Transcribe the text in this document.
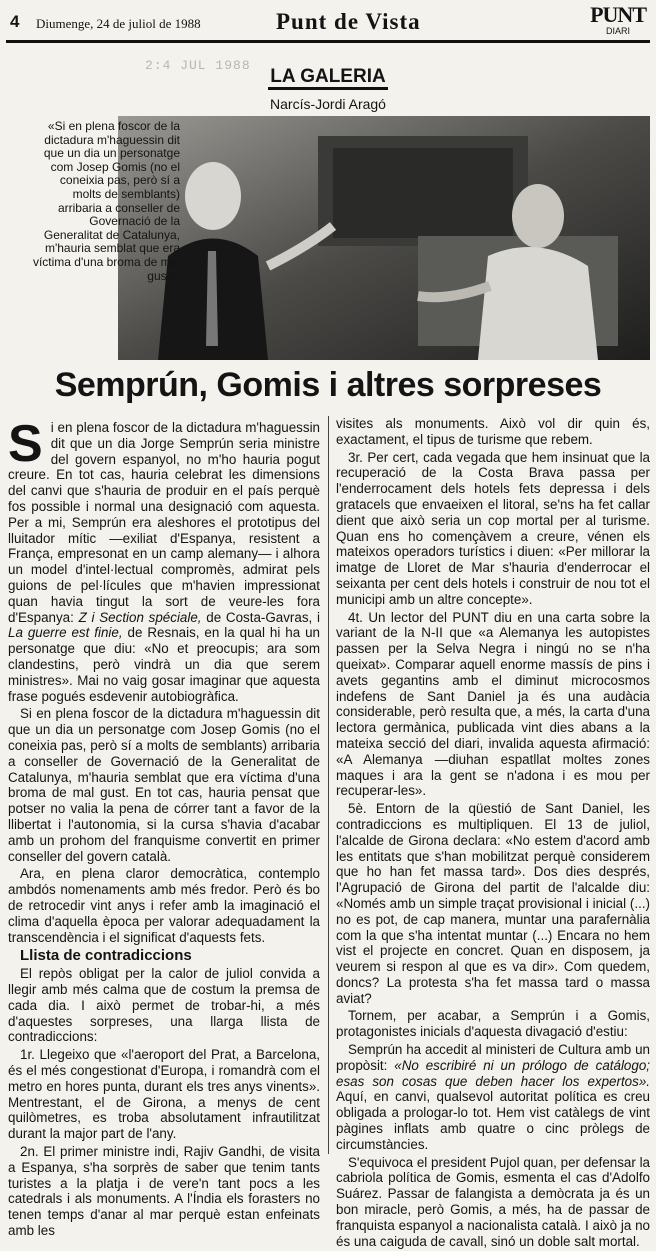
4 Diumenge, 24 de juliol de 1988	Punt de Vista	PUNT
DIARI
2:4 JUL 1988
LA GALERIA
Narcís-Jordi Aragó
«Si en plena foscor de la dictadura m'haguessin dit que un dia un personatge com Josep Gomis (no el coneixia pas, però sí a molts de semblants) arribaria a conseller de Governació de la Generalitat de Catalunya, m'hauria semblat que era víctima d'una broma de mal gust».
Semprún, Gomis i altres sorpreses

Si en plena foscor de la dictadura m'haguessin dit que un dia Jorge Semprún seria ministre del govern espanyol, no m'ho hauria pogut creure. En tot cas, hauria celebrat les dimensions del canvi que s'hauria de produir en el país perquè fos possible i normal una designació com aquesta. Per a mi, Semprún era aleshores el prototipus del lluitador mític —exiliat d'Espanya, resistent a França, empresonat en un camp alemany— i alhora un model d'intel·lectual compromès, admirat pels guions de pel·lícules que m'havien impressionat quan havia tingut la sort de veure-les fora d'Espanya: Z i Section spéciale, de Costa-Gavras, i La guerre est finie, de Resnais, en la qual hi ha un personatge que diu: «No et preocupis; ara som clandestins, però vindrà un dia que serem ministres». Mai no vaig gosar imaginar que aquesta frase pogués esdevenir autobiogràfica.

Si en plena foscor de la dictadura m'haguessin dit que un dia un personatge com Josep Gomis (no el coneixia pas, però sí a molts de semblants) arribaria a conseller de Governació de la Generalitat de Catalunya, m'hauria semblat que era víctima d'una broma de mal gust. En tot cas, hauria pensat que potser no valia la pena de córrer tant a favor de la llibertat i l'autonomia, si la cursa s'havia d'acabar amb un prohom del franquisme convertit en primer conseller del govern català.

Ara, en plena claror democràtica, contemplo ambdós nomenaments amb més fredor. Però és bo de retrocedir vint anys i refer amb la imaginació el clima d'aquella època per valorar adequadament la transcendència i el significat d'aquests fets.

Llista de contradiccions

El repòs obligat per la calor de juliol convida a llegir amb més calma que de costum la premsa de cada dia. I això permet de trobar-hi, a més d'aquestes sorpreses, una llarga llista de contradiccions:

1r. Llegeixo que «l'aeroport del Prat, a Barcelona, és el més congestionat d'Europa, i romandrà com el metro en hores punta, durant els tres anys vinents». Mentrestant, el de Girona, a menys de cent quilòmetres, es troba absolutament infrautilitzat durant la major part de l'any.

2n. El primer ministre indi, Rajiv Gandhi, de visita a Espanya, s'ha sorprès de saber que tenim tants turistes a la platja i de vere'n tant pocs a les catedrals i als monuments. A l'Índia els forasters no tenen temps d'anar al mar perquè estan enfeinats amb les

visites als monuments. Això vol dir quin és, exactament, el tipus de turisme que rebem.

3r. Per cert, cada vegada que hem insinuat que la recuperació de la Costa Brava passa per l'enderrocament dels hotels fets depressa i dels gratacels que envaeixen el litoral, se'ns ha fet callar dient que això seria un cop mortal per al turisme. Quan ens ho començàvem a creure, vénen els mateixos operadors turístics i diuen: «Per millorar la imatge de Lloret de Mar s'hauria d'enderrocar el seixanta per cent dels hotels i construir de nou tot el municipi amb un altre concepte».

4t. Un lector del PUNT diu en una carta sobre la variant de la N-II que «a Alemanya les autopistes passen per la Selva Negra i ningú no se n'ha queixat». Comparar aquell enorme massís de pins i avets gegantins amb el diminut microcosmos indefens de Sant Daniel ja és una audàcia considerable, però resulta que, a més, la carta d'una lectora germànica, publicada vint dies abans a la mateixa secció del diari, invalida aquesta afirmació: «A Alemanya —diuhan espatllat moltes zones maques i ara la gent se n'adona i es mou per recuperar-les».

5è. Entorn de la qüestió de Sant Daniel, les contradiccions es multipliquen. El 13 de juliol, l'alcalde de Girona declara: «No estem d'acord amb les entitats que s'han mobilitzat perquè considerem que ho han fet massa tard». Dos dies després, l'Agrupació de Girona del partit de l'alcalde diu: «Només amb un simple traçat provisional i inicial (...) no es pot, de cap manera, muntar una parafernàlia com la que s'ha intentat muntar (...) Encara no hem vist el projecte en concret. Quan en disposem, ja veurem si respon al que es va dir». Com quedem, doncs? La protesta s'ha fet massa tard o massa aviat?

Tornem, per acabar, a Semprún i a Gomis, protagonistes inicials d'aquesta divagació d'estiu:

Semprún ha accedit al ministeri de Cultura amb un propòsit: «No escribiré ni un prólogo de catálogo; esas son cosas que deben hacer los expertos». Aquí, en canvi, qualsevol autoritat política es creu obligada a prologar-lo tot. Hem vist catàlegs de vint pàgines inflats amb quatre o cinc pròlegs de circumstàncies.

S'equivoca el president Pujol quan, per defensar la cabriola política de Gomis, esmenta el cas d'Adolfo Suárez. Passar de falangista a demòcrata ja és un bon miracle, però Gomis, a més, ha de passar de franquista espanyol a nacionalista català. I això ja no és una caiguda de cavall, sinó un doble salt mortal.
